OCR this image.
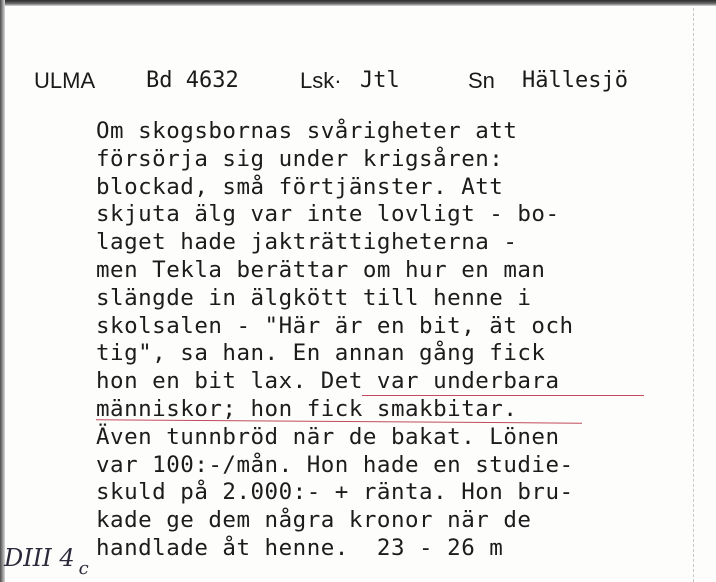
ULMA Bd 4632	Lsk· Jtl	Sn Hällesjö
Om skogsbornas svårigheter att
försörja sig under krigsåren:
blockad, små förtjänster. Att
skjuta älg var inte lovligt - bo-
laget hade jakträttigheterna -
men Tekla berättar om hur en man
slängde in älgkött till henne i
skolsalen - "Här är en bit, ät och
tig", sa han. En annan gång fick
hon en bit lax. Det var underbara
människor; hon fick smakbitar.
Även tunnbröd när de bakat. Lönen
var 100:-/mån. Hon hade en studie-
skuld på 2.000:- + ränta. Hon bru-
kade ge dem några kronor när de
handlade åt henne.  23 - 26 m
DIII 4 $_c$
